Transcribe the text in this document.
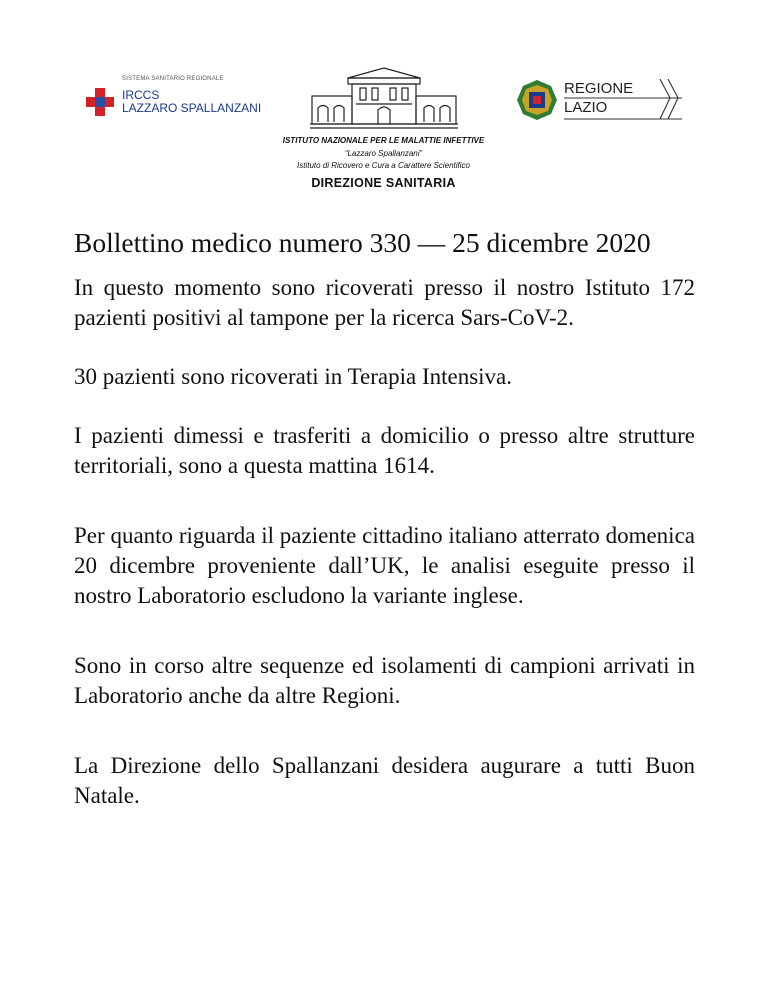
SISTEMA SANITARIO REGIONALE
IRCCS
LAZZARO SPALLANZANI
ISTITUTO NAZIONALE PER LE MALATTIE INFETTIVE
“Lazzaro Spallanzani”
Istituto di Ricovero e Cura a Carattere Scientifico
DIREZIONE SANITARIA
REGIONE
LAZIO
Bollettino medico numero 330 — 25 dicembre 2020

In questo momento sono ricoverati presso il nostro Istituto 172 pazienti positivi al tampone per la ricerca Sars-CoV-2.

30 pazienti sono ricoverati in Terapia Intensiva.

I pazienti dimessi e trasferiti a domicilio o presso altre strutture territoriali, sono a questa mattina 1614.

Per quanto riguarda il paziente cittadino italiano atterrato domenica 20 dicembre proveniente dall’UK, le analisi eseguite presso il nostro Laboratorio escludono la variante inglese.

Sono in corso altre sequenze ed isolamenti di campioni arrivati in Laboratorio anche da altre Regioni.

La Direzione dello Spallanzani desidera augurare a tutti Buon Natale.
